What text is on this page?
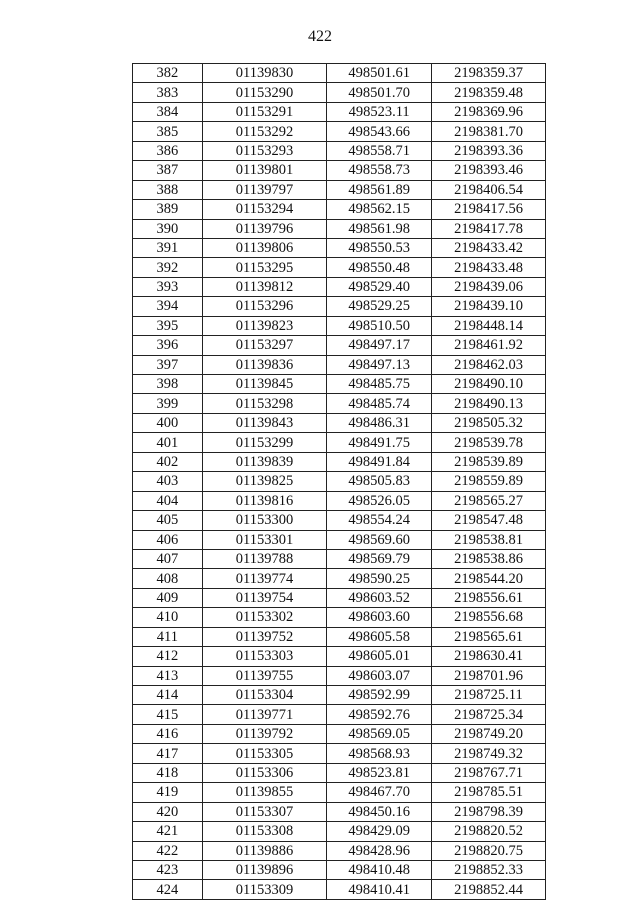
422
382	01139830	498501.61	2198359.37
383	01153290	498501.70	2198359.48
384	01153291	498523.11	2198369.96
385	01153292	498543.66	2198381.70
386	01153293	498558.71	2198393.36
387	01139801	498558.73	2198393.46
388	01139797	498561.89	2198406.54
389	01153294	498562.15	2198417.56
390	01139796	498561.98	2198417.78
391	01139806	498550.53	2198433.42
392	01153295	498550.48	2198433.48
393	01139812	498529.40	2198439.06
394	01153296	498529.25	2198439.10
395	01139823	498510.50	2198448.14
396	01153297	498497.17	2198461.92
397	01139836	498497.13	2198462.03
398	01139845	498485.75	2198490.10
399	01153298	498485.74	2198490.13
400	01139843	498486.31	2198505.32
401	01153299	498491.75	2198539.78
402	01139839	498491.84	2198539.89
403	01139825	498505.83	2198559.89
404	01139816	498526.05	2198565.27
405	01153300	498554.24	2198547.48
406	01153301	498569.60	2198538.81
407	01139788	498569.79	2198538.86
408	01139774	498590.25	2198544.20
409	01139754	498603.52	2198556.61
410	01153302	498603.60	2198556.68
411	01139752	498605.58	2198565.61
412	01153303	498605.01	2198630.41
413	01139755	498603.07	2198701.96
414	01153304	498592.99	2198725.11
415	01139771	498592.76	2198725.34
416	01139792	498569.05	2198749.20
417	01153305	498568.93	2198749.32
418	01153306	498523.81	2198767.71
419	01139855	498467.70	2198785.51
420	01153307	498450.16	2198798.39
421	01153308	498429.09	2198820.52
422	01139886	498428.96	2198820.75
423	01139896	498410.48	2198852.33
424	01153309	498410.41	2198852.44
